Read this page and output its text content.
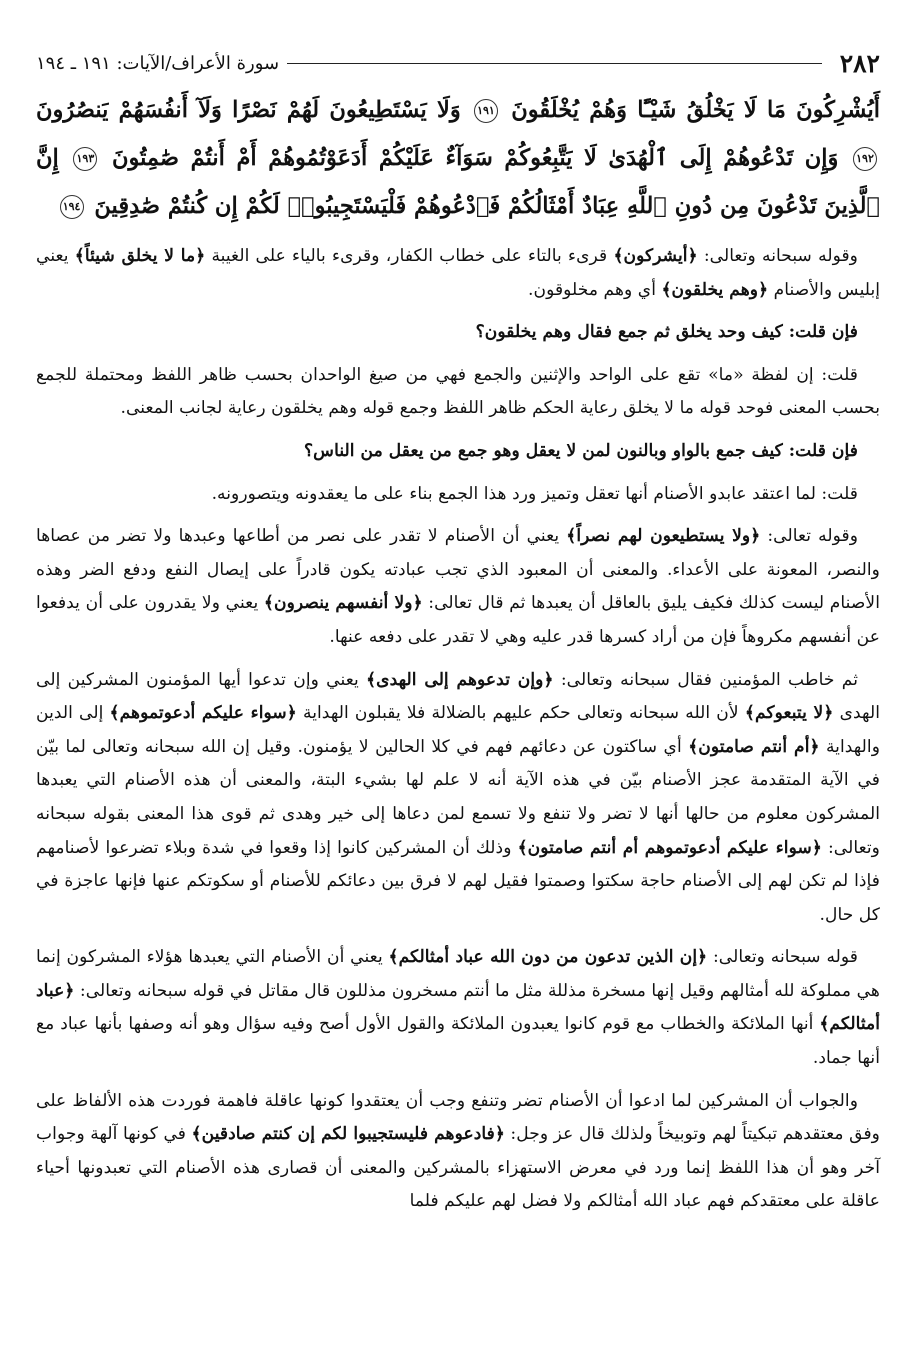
٢٨٢
سورة الأعراف/الآيات: ١٩١ ـ ١٩٤
أَيُشْرِكُونَ مَا لَا يَخْلُقُ شَيْـًٔا وَهُمْ يُخْلَقُونَ ١٩١ وَلَا يَسْتَطِيعُونَ لَهُمْ نَصْرًا وَلَآ أَنفُسَهُمْ يَنصُرُونَ ١٩٢ وَإِن تَدْعُوهُمْ إِلَى ٱلْهُدَىٰ لَا يَتَّبِعُوكُمْ سَوَآءٌ عَلَيْكُمْ أَدَعَوْتُمُوهُمْ أَمْ أَنتُمْ صَٰمِتُونَ ١٩٣ إِنَّ ٱلَّذِينَ تَدْعُونَ مِن دُونِ ٱللَّهِ عِبَادٌ أَمْثَالُكُمْ فَٱدْعُوهُمْ فَلْيَسْتَجِيبُوا۟ لَكُمْ إِن كُنتُمْ صَٰدِقِينَ ١٩٤

وقوله سبحانه وتعالى: ﴿أيشركون﴾ قرىء بالتاء على خطاب الكفار، وقرىء بالياء على الغيبة ﴿ما لا يخلق شيئاً﴾ يعني إبليس والأصنام ﴿وهم يخلقون﴾ أي وهم مخلوقون.

فإن قلت: كيف وحد يخلق ثم جمع فقال وهم يخلقون؟

قلت: إن لفظة «ما» تقع على الواحد والإثنين والجمع فهي من صيغ الواحدان بحسب ظاهر اللفظ ومحتملة للجمع بحسب المعنى فوحد قوله ما لا يخلق رعاية الحكم ظاهر اللفظ وجمع قوله وهم يخلقون رعاية لجانب المعنى.

فإن قلت: كيف جمع بالواو وبالنون لمن لا يعقل وهو جمع من يعقل من الناس؟

قلت: لما اعتقد عابدو الأصنام أنها تعقل وتميز ورد هذا الجمع بناء على ما يعقدونه ويتصورونه.

وقوله تعالى: ﴿ولا يستطيعون لهم نصراً﴾ يعني أن الأصنام لا تقدر على نصر من أطاعها وعبدها ولا تضر من عصاها والنصر، المعونة على الأعداء. والمعنى أن المعبود الذي تجب عبادته يكون قادراً على إيصال النفع ودفع الضر وهذه الأصنام ليست كذلك فكيف يليق بالعاقل أن يعبدها ثم قال تعالى: ﴿ولا أنفسهم ينصرون﴾ يعني ولا يقدرون على أن يدفعوا عن أنفسهم مكروهاً فإن من أراد كسرها قدر عليه وهي لا تقدر على دفعه عنها.

ثم خاطب المؤمنين فقال سبحانه وتعالى: ﴿وإن تدعوهم إلى الهدى﴾ يعني وإن تدعوا أيها المؤمنون المشركين إلى الهدى ﴿لا يتبعوكم﴾ لأن الله سبحانه وتعالى حكم عليهم بالضلالة فلا يقبلون الهداية ﴿سواء عليكم أدعوتموهم﴾ إلى الدين والهداية ﴿أم أنتم صامتون﴾ أي ساكتون عن دعائهم فهم في كلا الحالين لا يؤمنون. وقيل إن الله سبحانه وتعالى لما بيّن في الآية المتقدمة عجز الأصنام بيّن في هذه الآية أنه لا علم لها بشيء البتة، والمعنى أن هذه الأصنام التي يعبدها المشركون معلوم من حالها أنها لا تضر ولا تنفع ولا تسمع لمن دعاها إلى خير وهدى ثم قوى هذا المعنى بقوله سبحانه وتعالى: ﴿سواء عليكم أدعوتموهم أم أنتم صامتون﴾ وذلك أن المشركين كانوا إذا وقعوا في شدة وبلاء تضرعوا لأصنامهم فإذا لم تكن لهم إلى الأصنام حاجة سكتوا وصمتوا فقيل لهم لا فرق بين دعائكم للأصنام أو سكوتكم عنها فإنها عاجزة في كل حال.

قوله سبحانه وتعالى: ﴿إن الذين تدعون من دون الله عباد أمثالكم﴾ يعني أن الأصنام التي يعبدها هؤلاء المشركون إنما هي مملوكة لله أمثالهم وقيل إنها مسخرة مذللة مثل ما أنتم مسخرون مذللون قال مقاتل في قوله سبحانه وتعالى: ﴿عباد أمثالكم﴾ أنها الملائكة والخطاب مع قوم كانوا يعبدون الملائكة والقول الأول أصح وفيه سؤال وهو أنه وصفها بأنها عباد مع أنها جماد.

والجواب أن المشركين لما ادعوا أن الأصنام تضر وتنفع وجب أن يعتقدوا كونها عاقلة فاهمة فوردت هذه الألفاظ على وفق معتقدهم تبكيتاً لهم وتوبيخاً ولذلك قال عز وجل: ﴿فادعوهم فليستجيبوا لكم إن كنتم صادقين﴾ في كونها آلهة وجواب آخر وهو أن هذا اللفظ إنما ورد في معرض الاستهزاء بالمشركين والمعنى أن قصارى هذه الأصنام التي تعبدونها أحياء عاقلة على معتقدكم فهم عباد الله أمثالكم ولا فضل لهم عليكم فلما
